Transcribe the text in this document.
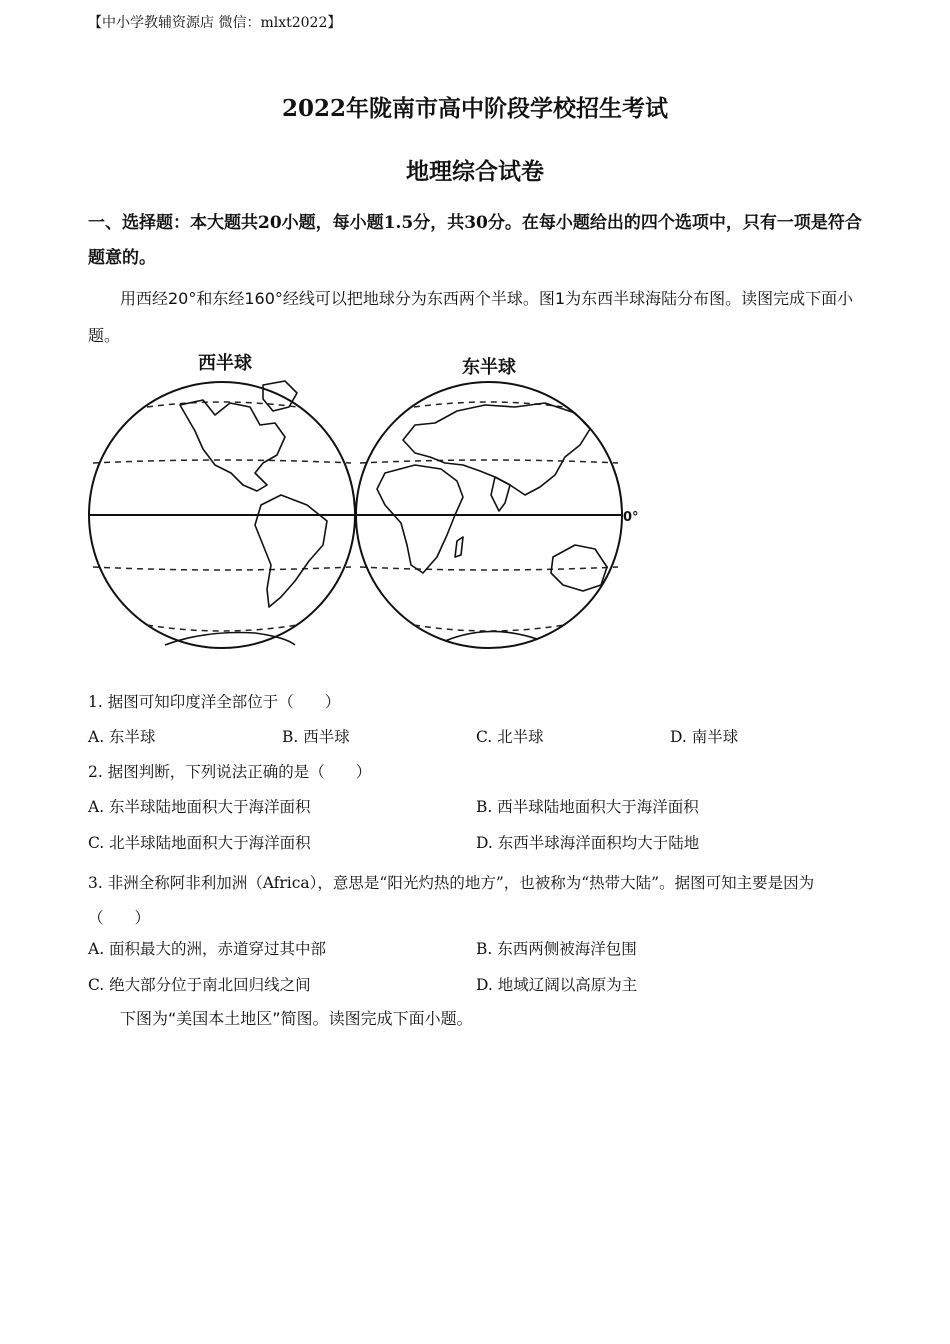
【中小学教辅资源店 微信：mlxt2022】
2022年陇南市高中阶段学校招生考试
地理综合试卷
一、选择题：本大题共20小题，每小题1.5分，共30分。在每小题给出的四个选项中，只有一项是符合题意的。
用西经20°和东经160°经线可以把地球分为东西两个半球。图1为东西半球海陆分布图。读图完成下面小题。
西半球	东半球
0°
1. 据图可知印度洋全部位于（　　）
A. 东半球	B. 西半球	C. 北半球	D. 南半球
2. 据图判断，下列说法正确的是（　　）
A. 东半球陆地面积大于海洋面积	B. 西半球陆地面积大于海洋面积
C. 北半球陆地面积大于海洋面积	D. 东西半球海洋面积均大于陆地
3. 非洲全称阿非利加洲（Africa），意思是“阳光灼热的地方”，也被称为“热带大陆”。据图可知主要是因为（　　）
A. 面积最大的洲，赤道穿过其中部	B. 东西两侧被海洋包围
C. 绝大部分位于南北回归线之间	D. 地域辽阔以高原为主
下图为“美国本土地区”简图。读图完成下面小题。
